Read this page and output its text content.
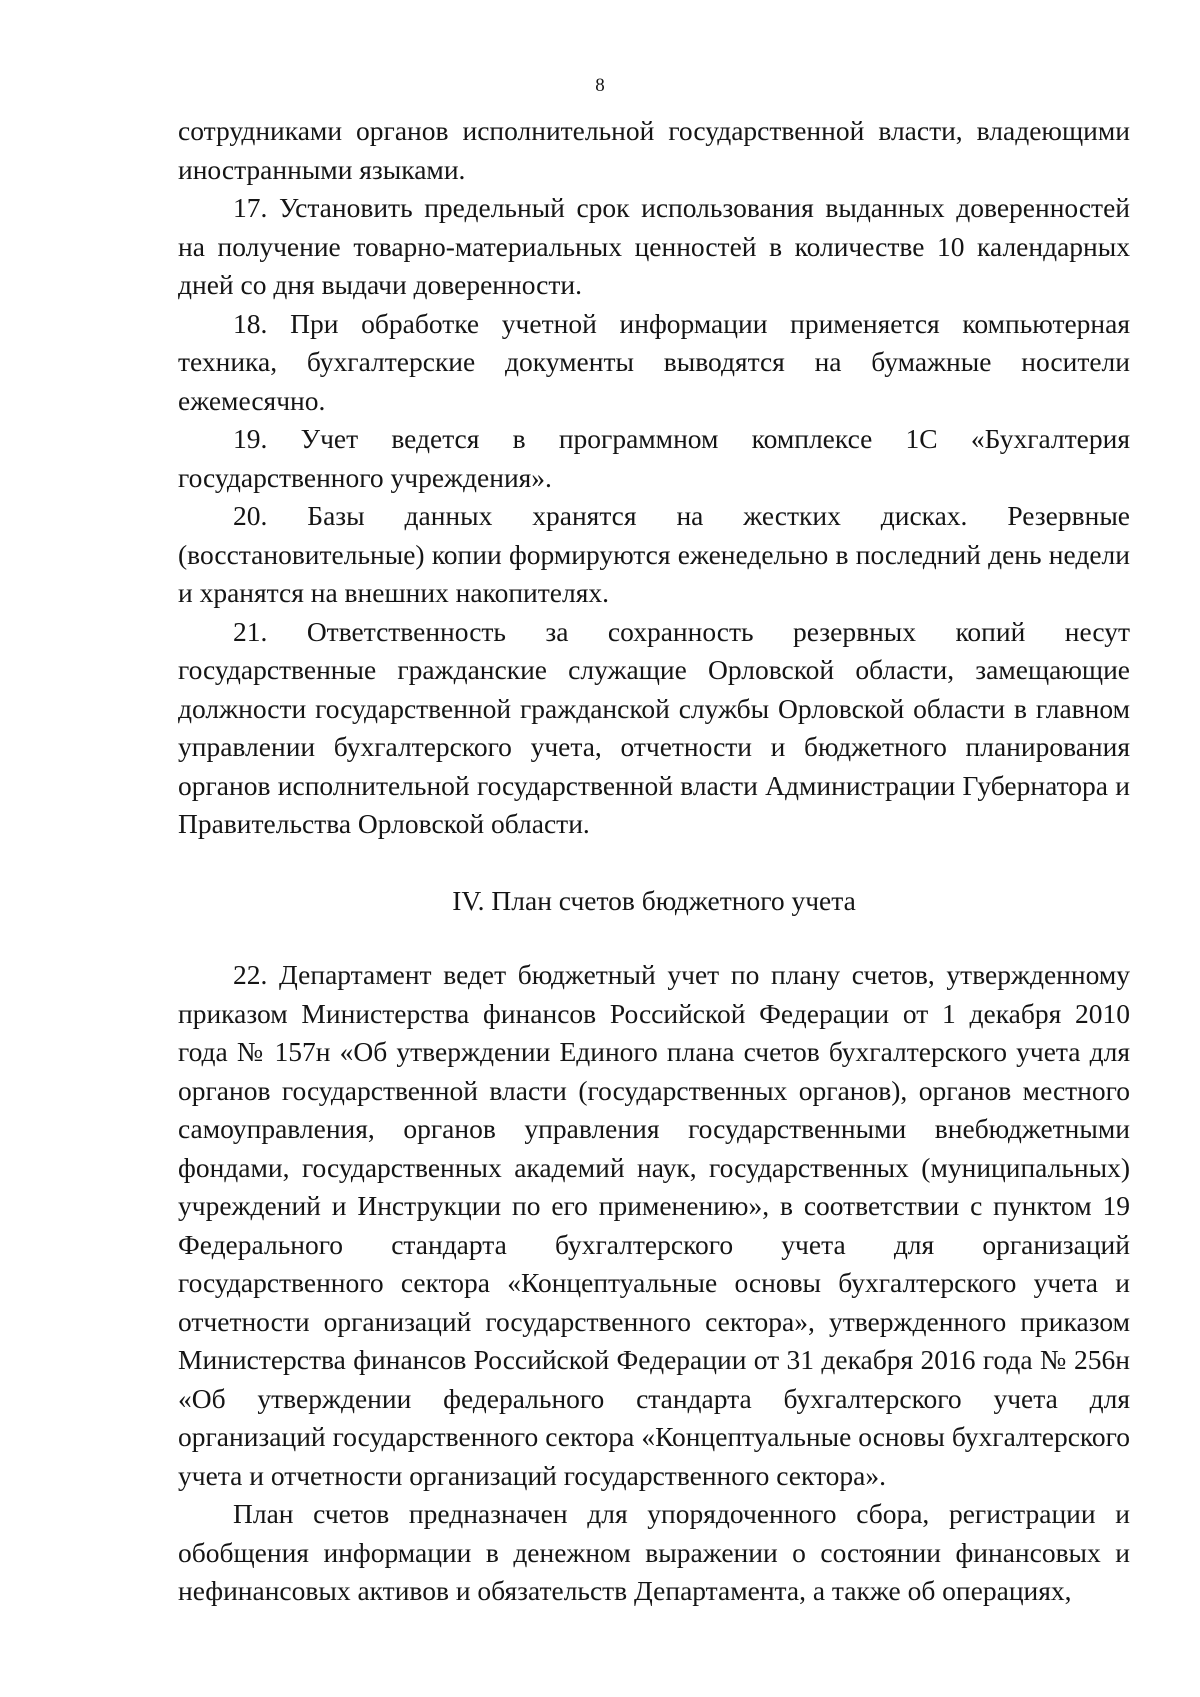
8

сотрудниками органов исполнительной государственной власти, владеющими иностранными языками.

17. Установить предельный срок использования выданных доверенностей на получение товарно-материальных ценностей в количестве 10 календарных дней со дня выдачи доверенности.

18. При обработке учетной информации применяется компьютерная техника, бухгалтерские документы выводятся на бумажные носители ежемесячно.

19. Учет ведется в программном комплексе 1С «Бухгалтерия государственного учреждения».

20. Базы данных хранятся на жестких дисках. Резервные (восстановительные) копии формируются еженедельно в последний день недели и хранятся на внешних накопителях.

21. Ответственность за сохранность резервных копий несут государственные гражданские служащие Орловской области, замещающие должности государственной гражданской службы Орловской области в главном управлении бухгалтерского учета, отчетности и бюджетного планирования органов исполнительной государственной власти Администрации Губернатора и Правительства Орловской области.

IV. План счетов бюджетного учета

22. Департамент ведет бюджетный учет по плану счетов, утвержденному приказом Министерства финансов Российской Федерации от 1 декабря 2010 года № 157н «Об утверждении Единого плана счетов бухгалтерского учета для органов государственной власти (государственных органов), органов местного самоуправления, органов управления государственными внебюджетными фондами, государственных академий наук, государственных (муниципальных) учреждений и Инструкции по его применению», в соответствии с пунктом 19 Федерального стандарта бухгалтерского учета для организаций государственного сектора «Концептуальные основы бухгалтерского учета и отчетности организаций государственного сектора», утвержденного приказом Министерства финансов Российской Федерации от 31 декабря 2016 года № 256н «Об утверждении федерального стандарта бухгалтерского учета для организаций государственного сектора «Концептуальные основы бухгалтерского учета и отчетности организаций государственного сектора».

План счетов предназначен для упорядоченного сбора, регистрации и обобщения информации в денежном выражении о состоянии финансовых и нефинансовых активов и обязательств Департамента, а также об операциях,
